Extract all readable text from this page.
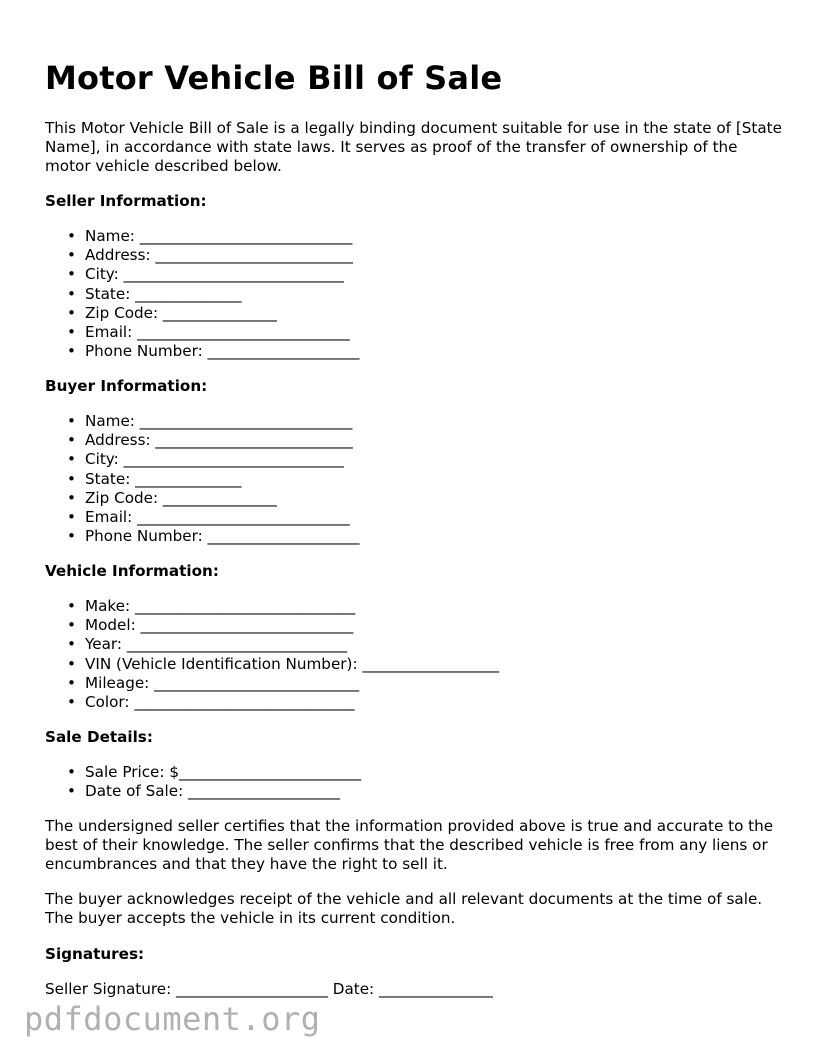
Motor Vehicle Bill of Sale

This Motor Vehicle Bill of Sale is a legally binding document suitable for use in the state of [State Name], in accordance with state laws. It serves as proof of the transfer of ownership of the motor vehicle described below.

Seller Information:
• Name: ____________________________
• Address: __________________________
• City: _____________________________
• State: ______________
• Zip Code: _______________
• Email: ____________________________
• Phone Number: ____________________
Buyer Information:
• Name: ____________________________
• Address: __________________________
• City: _____________________________
• State: ______________
• Zip Code: _______________
• Email: ____________________________
• Phone Number: ____________________
Vehicle Information:
• Make: _____________________________
• Model: ____________________________
• Year: _____________________________
• VIN (Vehicle Identification Number): __________________
• Mileage: ___________________________
• Color: _____________________________
Sale Details:
• Sale Price: $________________________
• Date of Sale: ____________________

The undersigned seller certifies that the information provided above is true and accurate to the best of their knowledge. The seller confirms that the described vehicle is free from any liens or encumbrances and that they have the right to sell it.

The buyer acknowledges receipt of the vehicle and all relevant documents at the time of sale. The buyer accepts the vehicle in its current condition.

Signatures:
Seller Signature: ____________________ Date: _______________
pdfdocument.org
